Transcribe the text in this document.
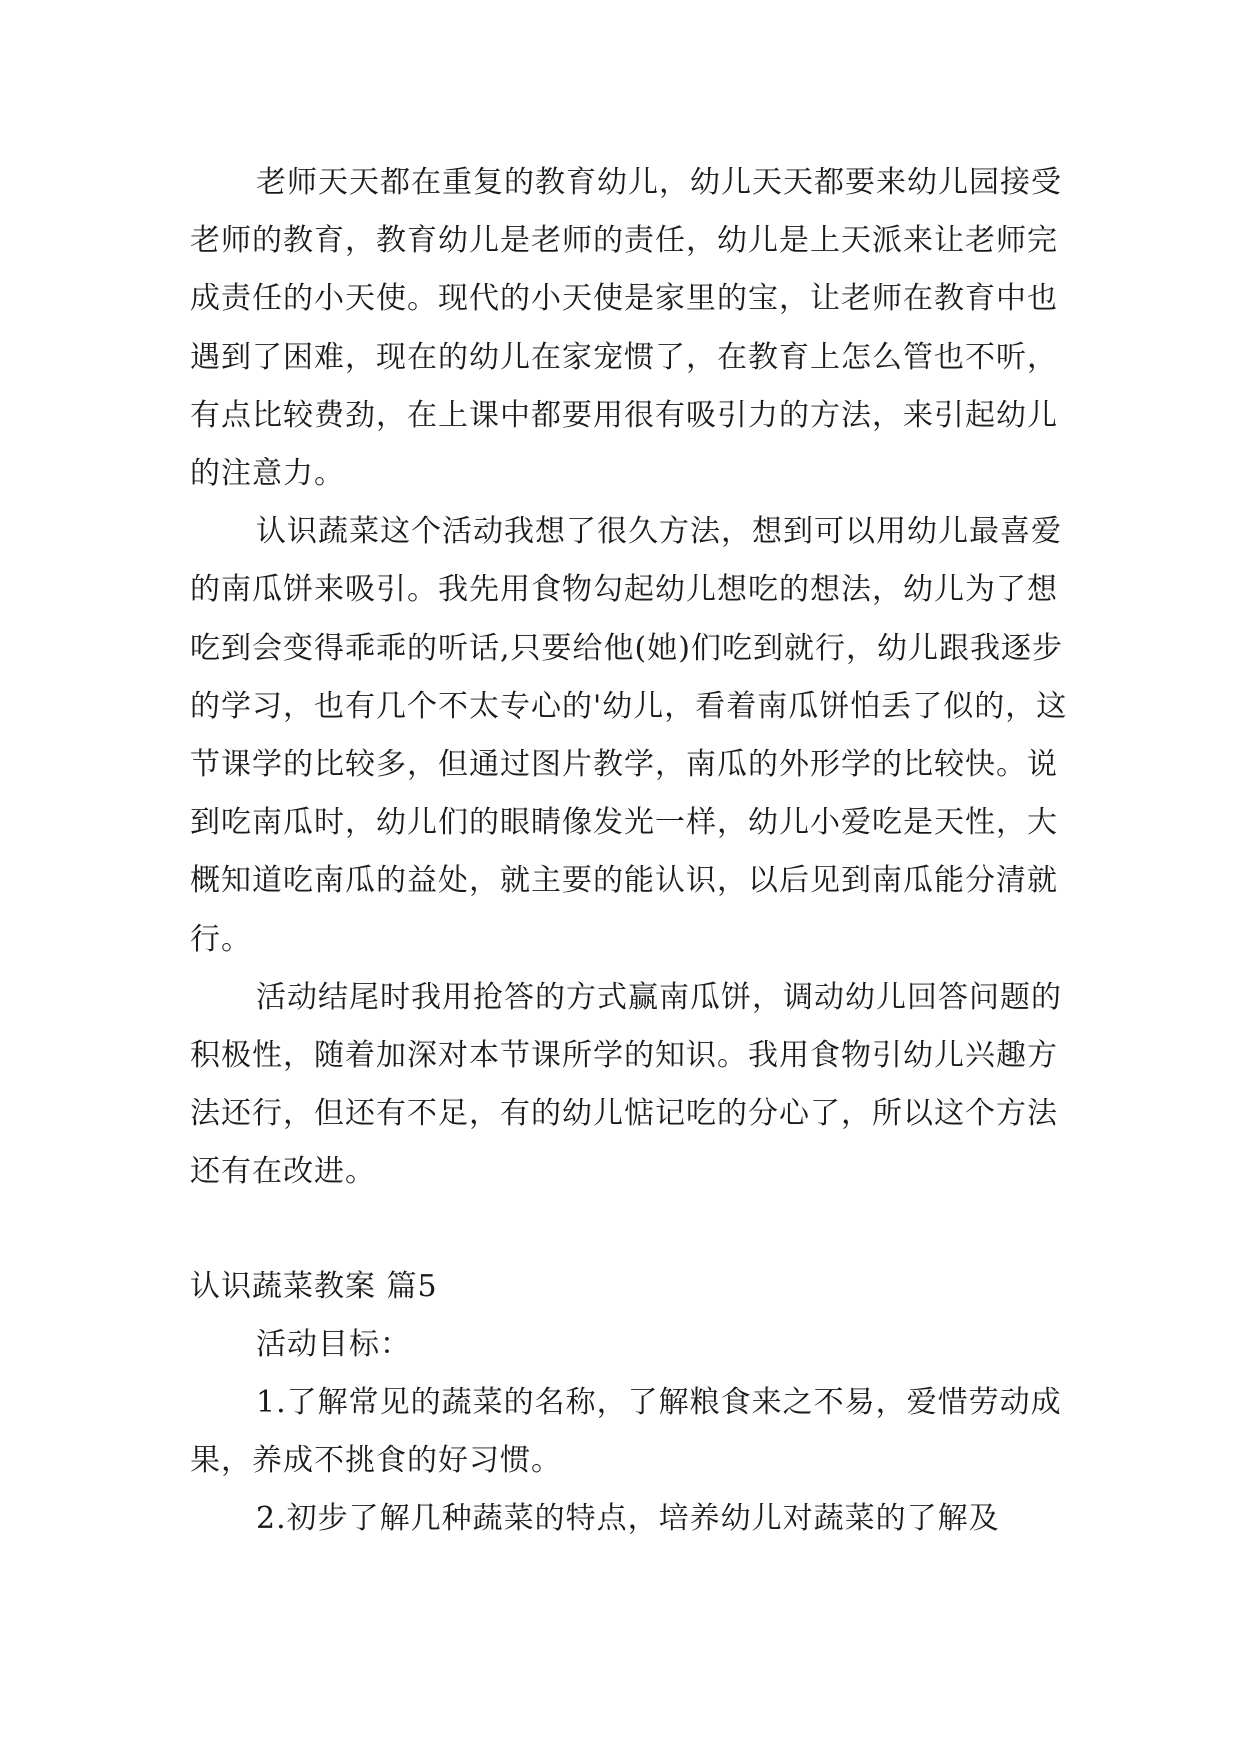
老师天天都在重复的教育幼儿，幼儿天天都要来幼儿园接受老师的教育，教育幼儿是老师的责任，幼儿是上天派来让老师完成责任的小天使。现代的小天使是家里的宝，让老师在教育中也遇到了困难，现在的幼儿在家宠惯了，在教育上怎么管也不听，有点比较费劲，在上课中都要用很有吸引力的方法，来引起幼儿的注意力。

认识蔬菜这个活动我想了很久方法，想到可以用幼儿最喜爱的南瓜饼来吸引。我先用食物勾起幼儿想吃的想法，幼儿为了想吃到会变得乖乖的听话,只要给他(她)们吃到就行，幼儿跟我逐步的学习，也有几个不太专心的'幼儿，看着南瓜饼怕丢了似的，这节课学的比较多，但通过图片教学，南瓜的外形学的比较快。说到吃南瓜时，幼儿们的眼睛像发光一样，幼儿小爱吃是天性，大概知道吃南瓜的益处，就主要的能认识，以后见到南瓜能分清就行。

活动结尾时我用抢答的方式赢南瓜饼，调动幼儿回答问题的积极性，随着加深对本节课所学的知识。我用食物引幼儿兴趣方法还行，但还有不足，有的幼儿惦记吃的分心了，所以这个方法还有在改进。

认识蔬菜教案 篇5

活动目标：

1.了解常见的蔬菜的名称，了解粮食来之不易，爱惜劳动成果，养成不挑食的好习惯。

2.初步了解几种蔬菜的特点，培养幼儿对蔬菜的了解及
